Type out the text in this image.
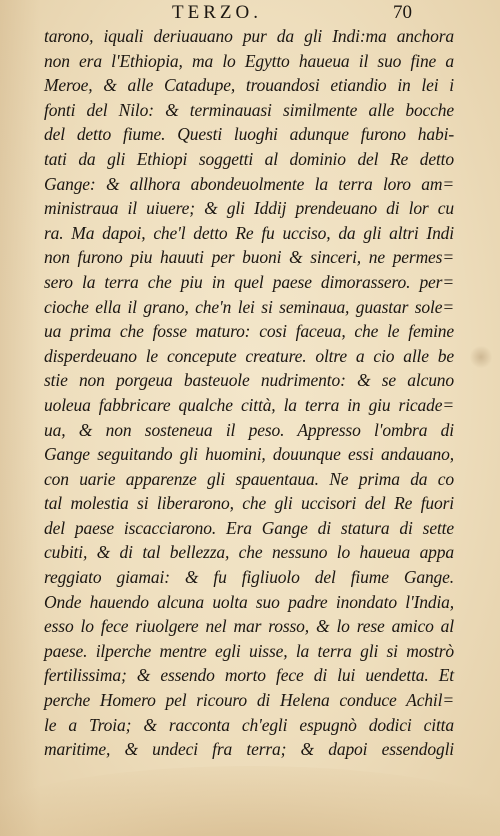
TERZO.	70
tarono, iquali deriuauano pur da gli Indi:ma anchora
non era l'Ethiopia, ma lo Egytto haueua il suo fine a
Meroe, & alle Catadupe, trouandosi etiandio in lei i
fonti del Nilo: & terminauasi similmente alle bocche
del detto fiume. Questi luoghi adunque furono habi-
tati da gli Ethiopi soggetti al dominio del Re detto
Gange: & allhora abondeuolmente la terra loro am=
ministraua il uiuere; & gli Iddij prendeuano di lor cu
ra. Ma dapoi, che'l detto Re fu ucciso, da gli altri Indi
non furono piu hauuti per buoni & sinceri, ne permes=
sero la terra che piu in quel paese dimorassero. per=
cioche ella il grano, che'n lei si seminaua, guastar sole=
ua prima che fosse maturo: cosi faceua, che le femine
disperdeuano le concepute creature. oltre a cio alle be
stie non porgeua basteuole nudrimento: & se alcuno
uoleua fabbricare qualche città, la terra in giu ricade=
ua, & non sosteneua il peso. Appresso l'ombra di
Gange seguitando gli huomini, douunque essi andauano,
con uarie apparenze gli spauentaua. Ne prima da co
tal molestia si liberarono, che gli uccisori del Re fuori
del paese iscacciarono. Era Gange di statura di sette
cubiti, & di tal bellezza, che nessuno lo haueua appa
reggiato giamai: & fu figliuolo del fiume Gange.
Onde hauendo alcuna uolta suo padre inondato l'India,
esso lo fece riuolgere nel mar rosso, & lo rese amico al
paese. ilperche mentre egli uisse, la terra gli si mostrò
fertilissima; & essendo morto fece di lui uendetta. Et
perche Homero pel ricouro di Helena conduce Achil=
le a Troia; & racconta ch'egli espugnò dodici citta
maritime, & undeci fra terra; & dapoi essendogli
